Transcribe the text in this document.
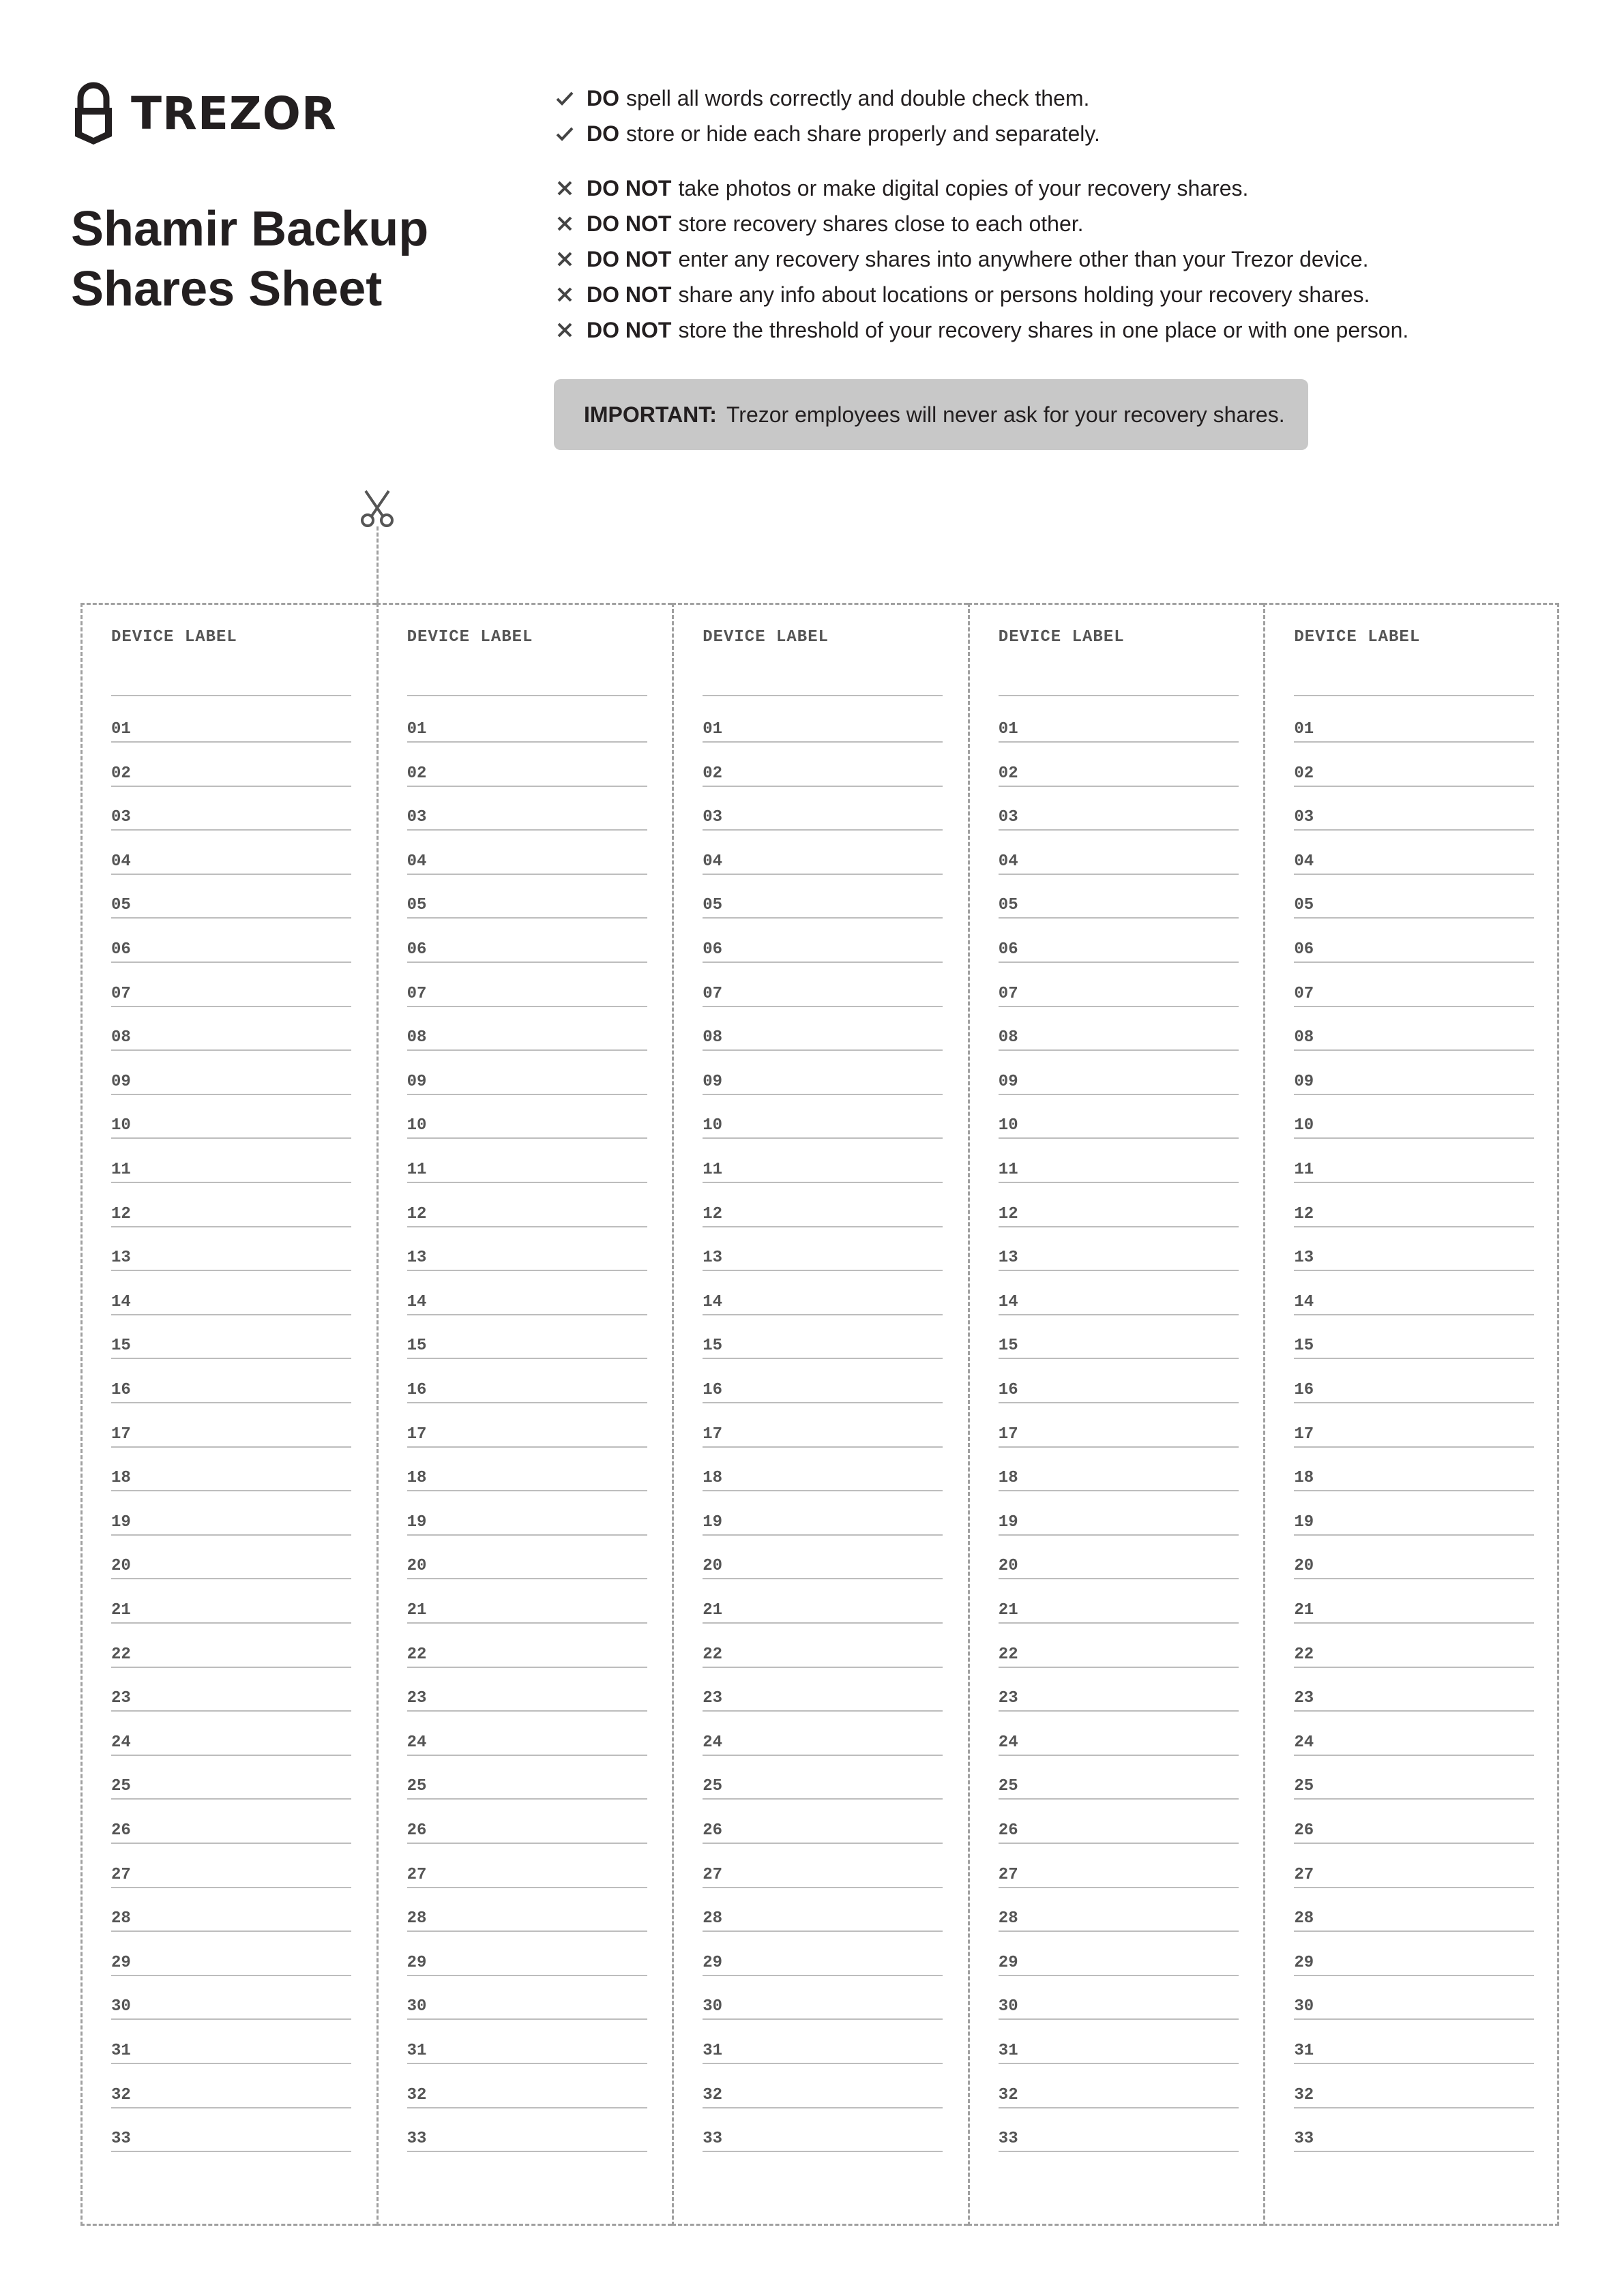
TREZOR
Shamir Backup
Shares Sheet
DO spell all words correctly and double check them.
DO store or hide each share properly and separately.
DO NOT take photos or make digital copies of your recovery shares.
DO NOT store recovery shares close to each other.
DO NOT enter any recovery shares into anywhere other than your Trezor device.
DO NOT share any info about locations or persons holding your recovery shares.
DO NOT store the threshold of your recovery shares in one place or with one person.
IMPORTANT: Trezor employees will never ask for your recovery shares.
DEVICE LABEL
01
02
03
04
05
06
07
08
09
10
11
12
13
14
15
16
17
18
19
20
21
22
23
24
25
26
27
28
29
30
31
32
33
DEVICE LABEL
01
02
03
04
05
06
07
08
09
10
11
12
13
14
15
16
17
18
19
20
21
22
23
24
25
26
27
28
29
30
31
32
33
DEVICE LABEL
01
02
03
04
05
06
07
08
09
10
11
12
13
14
15
16
17
18
19
20
21
22
23
24
25
26
27
28
29
30
31
32
33
DEVICE LABEL
01
02
03
04
05
06
07
08
09
10
11
12
13
14
15
16
17
18
19
20
21
22
23
24
25
26
27
28
29
30
31
32
33
DEVICE LABEL
01
02
03
04
05
06
07
08
09
10
11
12
13
14
15
16
17
18
19
20
21
22
23
24
25
26
27
28
29
30
31
32
33
